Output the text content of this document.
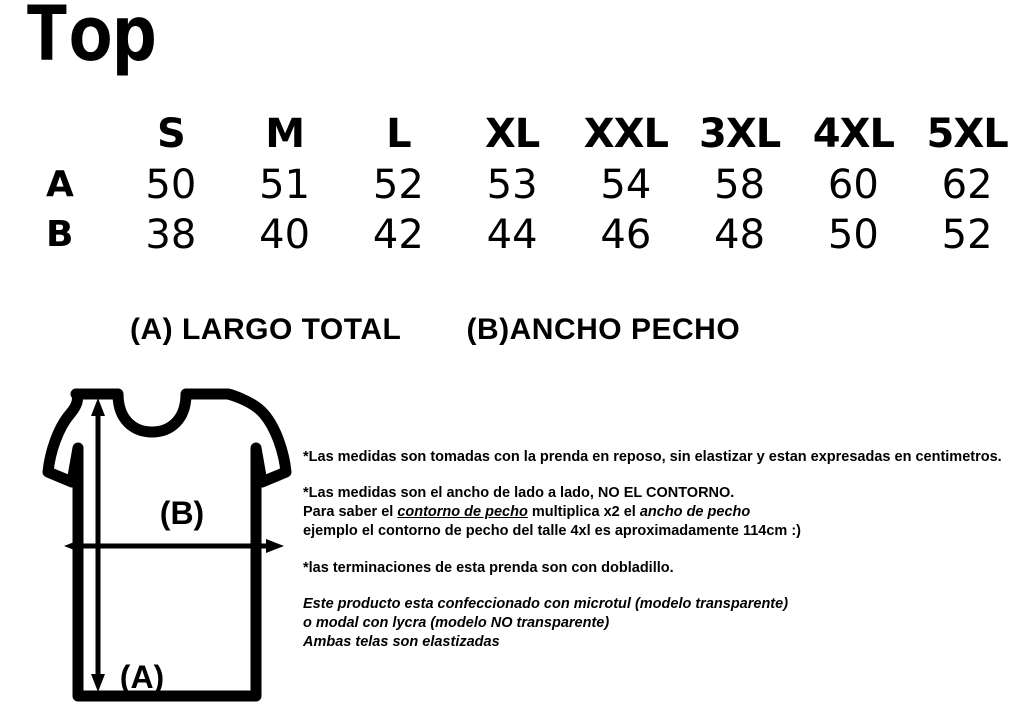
Top
	S	M	L	XL	XXL	3XL	4XL	5XL
A	50	51	52	53	54	58	60	62
B	38	40	42	44	46	48	50	52
(A) LARGO TOTAL (B)ANCHO PECHO
(B)
(A)

*Las medidas son tomadas con la prenda en reposo, sin elastizar y estan expresadas en centimetros.

*Las medidas son el ancho de lado a lado, NO EL CONTORNO.
Para saber el contorno de pecho multiplica x2 el ancho de pecho
ejemplo el contorno de pecho del talle 4xl es aproximadamente 114cm :)

*las terminaciones de esta prenda son con dobladillo.

Este producto esta confeccionado con microtul (modelo transparente)
o modal con lycra (modelo NO transparente)
Ambas telas son elastizadas
